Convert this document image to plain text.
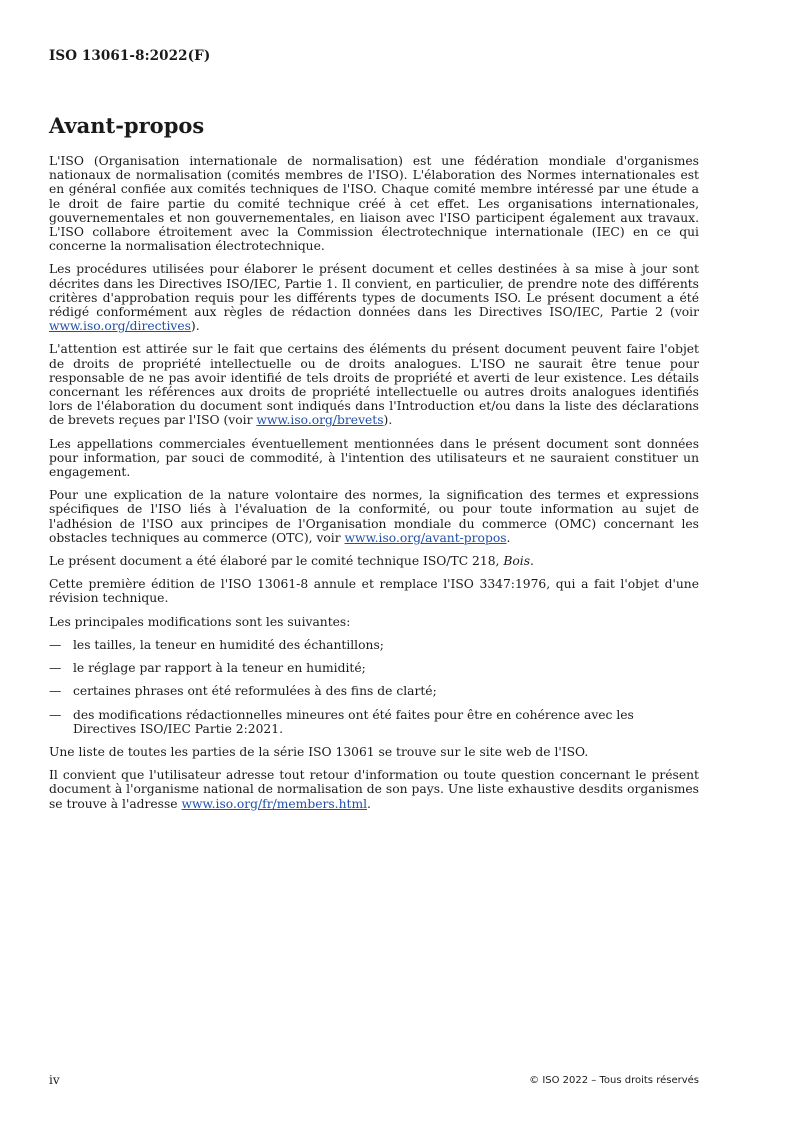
ISO 13061-8:2022(F)
Avant-propos

L'ISO (Organisation internationale de normalisation) est une fédération mondiale d'organismes nationaux de normalisation (comités membres de l'ISO). L'élaboration des Normes internationales est en général confiée aux comités techniques de l'ISO. Chaque comité membre intéressé par une étude a le droit de faire partie du comité technique créé à cet effet. Les organisations internationales, gouvernementales et non gouvernementales, en liaison avec l'ISO participent également aux travaux. L'ISO collabore étroitement avec la Commission électrotechnique internationale (IEC) en ce qui concerne la normalisation électrotechnique.

Les procédures utilisées pour élaborer le présent document et celles destinées à sa mise à jour sont décrites dans les Directives ISO/IEC, Partie 1. Il convient, en particulier, de prendre note des différents critères d'approbation requis pour les différents types de documents ISO. Le présent document a été rédigé conformément aux règles de rédaction données dans les Directives ISO/IEC, Partie 2 (voir www.iso.org/directives).

L'attention est attirée sur le fait que certains des éléments du présent document peuvent faire l'objet de droits de propriété intellectuelle ou de droits analogues. L'ISO ne saurait être tenue pour responsable de ne pas avoir identifié de tels droits de propriété et averti de leur existence. Les détails concernant les références aux droits de propriété intellectuelle ou autres droits analogues identifiés lors de l'élaboration du document sont indiqués dans l'Introduction et/ou dans la liste des déclarations de brevets reçues par l'ISO (voir www.iso.org/brevets).

Les appellations commerciales éventuellement mentionnées dans le présent document sont données pour information, par souci de commodité, à l'intention des utilisateurs et ne sauraient constituer un engagement.

Pour une explication de la nature volontaire des normes, la signification des termes et expressions spécifiques de l'ISO liés à l'évaluation de la conformité, ou pour toute information au sujet de l'adhésion de l'ISO aux principes de l'Organisation mondiale du commerce (OMC) concernant les obstacles techniques au commerce (OTC), voir www.iso.org/avant-propos.

Le présent document a été élaboré par le comité technique ISO/TC 218, Bois.

Cette première édition de l'ISO 13061-8 annule et remplace l'ISO 3347:1976, qui a fait l'objet d'une révision technique.

Les principales modifications sont les suivantes:

— les tailles, la teneur en humidité des échantillons;
— le réglage par rapport à la teneur en humidité;
— certaines phrases ont été reformulées à des fins de clarté;
— des modifications rédactionnelles mineures ont été faites pour être en cohérence avec les Directives ISO/IEC Partie 2:2021.

Une liste de toutes les parties de la série ISO 13061 se trouve sur le site web de l'ISO.

Il convient que l'utilisateur adresse tout retour d'information ou toute question concernant le présent document à l'organisme national de normalisation de son pays. Une liste exhaustive desdits organismes se trouve à l'adresse www.iso.org/fr/members.html.

iv	© ISO 2022 – Tous droits réservés
